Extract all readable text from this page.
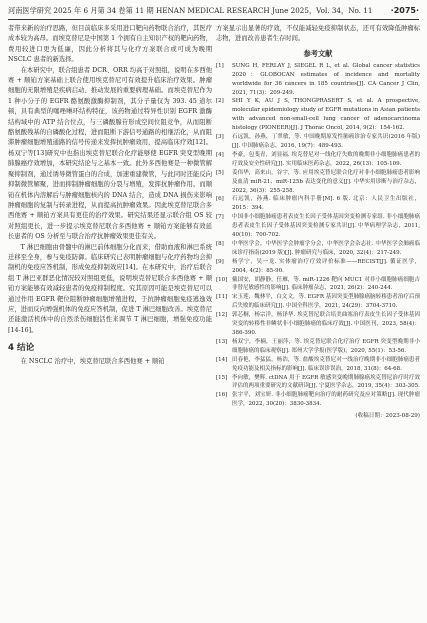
河南医学研究 2025 年 6 月第 34 卷第 11 期 HENAN MEDICAL RESEARCH June 2025，Vol. 34，No. 11 ·2075·

者带来新的治疗思路，但目前临床多采用进口靶向药物联合治疗，其医疗成本较为高昂。而埃克替尼是中国第 1 个拥有自主知识产权的靶向药物，费用较进口更为低廉，因此分析将其与化疗方案联合或可成为晚期 NSCLC 患者的新选择。

在本研究中，联合组患者 DCR、ORR 均高于对照组，说明在多西他赛 + 顺铂方案基础上联合使用埃克替尼可有效提升临床治疗效果。肿瘤细胞的无限增殖是疾病启动、推动发展的重要病理基础。而埃克替尼作为 1 种小分子的 EGFR 酪氨酸激酶抑制剂，其分子量仅为 393. 45 道尔顿，具有典型的噻唑啉环结构特征，该药物通过特异性识别 EGFR 激酶结构域中的 ATP 结合位点，与三磷酸腺苷形成空间位阻竞争，从而阻断酪氨酸残基的自磷酸化过程，进而阻断下游信号通路的相继活化，从而阻滞肿瘤细胞增殖通路的信号传递来发挥抗肿瘤效用，提高临床疗效[12]。杨双宁等[13]研究中也指出埃克替尼联合化疗能够使 EGFR 突变型晚期肺腺癌疗效增加，本研究结论与之基本一致。此外多西他赛是一种微管解聚抑制剂，通过诱导微管蛋白的合成，加速重建微管，与此同时还能反向抑制微管解聚，进而抑制肿瘤细胞的分裂与增殖，发挥抗肿瘤作用。而顺铂在机体内溶解后与肿瘤细胞核内的 DNA 结合，造成 DNA 损伤来影响肿瘤细胞的复制与转录进程，从而提高抗肿瘤效果。因此埃克替尼联合多西他赛 + 顺铂方案具有更佳的治疗效果。研究结果还显示联合组 OS 较对照组更长，进一步提示埃克替尼联合多西他赛 + 顺铂方案能够有效延长患者的 OS 分析至与联合治疗抗肿瘤效果更佳有关。

T 淋巴细胞由骨髓中的淋巴前体细胞分化而来，借助血液和淋巴系统迁移至全身，参与免疫防御。临床研究已表明肿瘤细胞与化疗药物均会抑制机的免疫应答机制，形成免疫抑制效应[14]。在本研究中，治疗后联合组 T 淋巴亚群恶化情况较对照组更低，说明埃克替尼联合多西他赛 + 顺铂方案能够有效减轻患者的免疫抑制程度。究其原因可能是埃克替尼可以通过作用 EGFR 靶位阻断肿瘤细胞增殖进程，于抗肿瘤细胞免疫逃逸效应，进而反向增强机体的免疫应答机制，促进 T 淋巴细胞改善。埃克替尼还能激活机体中的自然杀伤细胞活性来调节 T 淋巴细胞，增强免疫功能[14-16]。

4 结论

在 NSCLC 治疗中，埃克替尼联合多西他赛 + 顺铂

方案显示出显著的疗效，不仅能减轻免疫抑制状态，还可有效降低肿瘤标志物，进而改善患者生存时间。

参考文献
[1]	SUNG H, FERLAY J, SIEGEL R L, et al. Global cancer statistics 2020：GLOBOCAN estimates of incidence and mortality worldwide for 36 cancers in 185 countries[J]. CA Cancer J Clin, 2021, 71(3)：209-249.
[2]	SHI Y K, AU J S, THONGPRASERT S, et al. A prospective, molecular epidemiology study of EGFR mutations in Asian patients with advanced non-small-cell lung cancer of adenocarcinoma histology (PIONEER)[J]. J Thorac Oncol, 2014, 9(2)：154-162.
[3]	石远凯，孙燕，丁翠敏，等. 中国晚期原发性肺癌诊治专家共识(2016 年版)[J]. 中国肺癌杂志，2016, 19(7)：489-493.
[4]	李豪，包斐青，刘显福. 埃克替尼对一线化疗失败的晚期非小细胞肺癌患者的疗效及安全性研究[J]. 实用临床医药杂志，2022, 26(13)：105-109.
[5]	姜伟华，高来山，谷宇，等. 应用埃克替尼联合化疗对非小细胞肺癌患者影响及血清 miR-21、miR-125b 表达变化的意义[J]. 中华实用诊断与治疗杂志，2022, 36(3)：255-258.
[6]	石远凯，孙燕. 临床肿瘤内科手册[M]. 6 版. 北京：人民卫生出版社，2015：394.
[7]	中国非小细胞肺癌患者表皮生长因子受体基因突变检测专家组. 非小细胞肺癌患者表皮生长因子受体基因突变检测专家共识[J]. 中华病理学杂志，2011, 40(10)：700-702.
[8]	中华医学会，中华医学会肿瘤学分会，中华医学会杂志社. 中华医学会肺癌临床诊疗指南(2019 版)[J]. 肿瘤研究与临床，2020, 32(4)：217-249.
[9]	杨学宁，吴一龙. 实体瘤治疗疗效评价标准——RECIST[J]. 循证医学，2004, 4(2)：85-90.
[10] 戴国安，胡静静，任雁，等. miR-1226 靶向 MUC1 对非小细胞肺癌细胞吉非替尼敏感性的影响[J]. 临床肿瘤杂志，2021, 26(2)：240-244.
[11] 宋玉莲，魏林平，白文文，等. EGFR 基因突变型肺腺癌脑转移患者治疗后预后失败的临床研究[J]. 中国全科医学，2021, 24(29)：3704-3710.
[12] 郭芯桐，杨宗洋，杨泽华. 埃克替尼联合培美曲塞治疗表皮生长因子受体基因突变的转移性非鳞状非小细胞肺癌的临床疗效[J]. 中国医刊，2023, 58(4)：386-390.
[13] 杨双宁，李楠，王丽萍，等. 埃克替尼联合化疗治疗 EGFR 突变型晚期非小细胞肺癌的临床观察[J]. 郑州大学学报(医学版)，2020, 55(1)：53-56.
[14] 田春艳，李猛猛，杨浩，等. 盐酸埃克替尼对一线治疗晚期非小细胞肺癌患者免疫功能及相关指标的影响[J]. 临床误诊误治，2018, 31(8)：64-68.
[15] 李向敏，樊辉. ctDNA 用于 EGFR 敏感突变晚期肺腺癌埃克替尼治疗时疗效评估的两项重要研究的文献研读[J]. 宁夏医学杂志，2019, 35(4)：303-305.
[16] 张宇平，刘宝妍. 非小细胞肺癌靶向治疗的耐药研究及应对策略[J]. 现代肿瘤医学，2022, 30(20)：3830-3834.
(收稿日期：2023-08-29)
